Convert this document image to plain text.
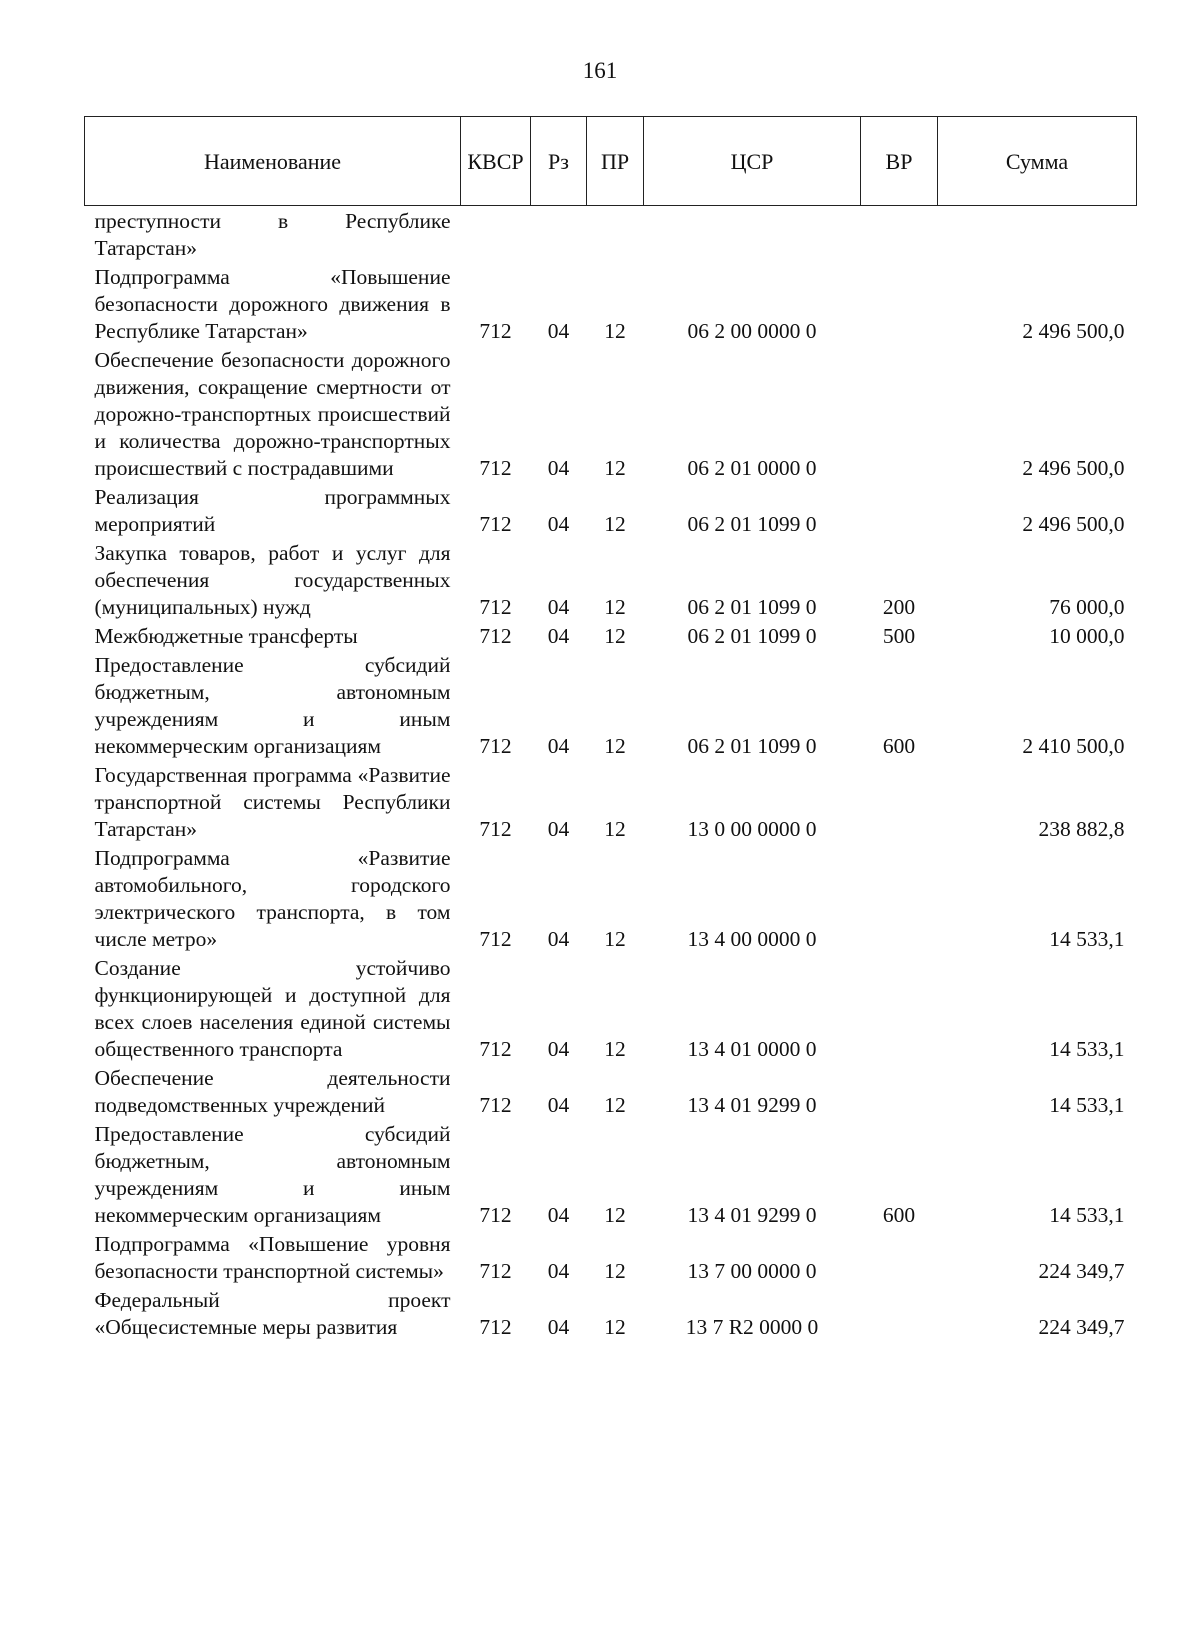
161
Наименование	КВСР	Рз	ПР	ЦСР	ВР	Сумма
преступности в Республике Татарстан»						
Подпрограмма «Повышение безопасности дорожного движения в Республике Татарстан»	712	04	12	06 2 00 0000 0		2 496 500,0
Обеспечение безопасности дорожного движения, сокращение смертности от дорожно-транспортных происшествий и количества дорожно-транспортных происшествий с пострадавшими	712	04	12	06 2 01 0000 0		2 496 500,0
Реализация программных мероприятий	712	04	12	06 2 01 1099 0		2 496 500,0
Закупка товаров, работ и услуг для обеспечения государственных (муниципальных) нужд	712	04	12	06 2 01 1099 0	200	76 000,0
Межбюджетные трансферты	712	04	12	06 2 01 1099 0	500	10 000,0
Предоставление субсидий бюджетным, автономным учреждениям и иным некоммерческим организациям	712	04	12	06 2 01 1099 0	600	2 410 500,0
Государственная программа «Развитие транспортной системы Республики Татарстан»	712	04	12	13 0 00 0000 0		238 882,8
Подпрограмма «Развитие автомобильного, городского электрического транспорта, в том числе метро»	712	04	12	13 4 00 0000 0		14 533,1
Создание устойчиво функционирующей и доступной для всех слоев населения единой системы общественного транспорта	712	04	12	13 4 01 0000 0		14 533,1
Обеспечение деятельности подведомственных учреждений	712	04	12	13 4 01 9299 0		14 533,1
Предоставление субсидий бюджетным, автономным учреждениям и иным некоммерческим организациям	712	04	12	13 4 01 9299 0	600	14 533,1
Подпрограмма «Повышение уровня безопасности транспортной системы»	712	04	12	13 7 00 0000 0		224 349,7
Федеральный проект «Общесистемные меры развития	712	04	12	13 7 R2 0000 0		224 349,7
